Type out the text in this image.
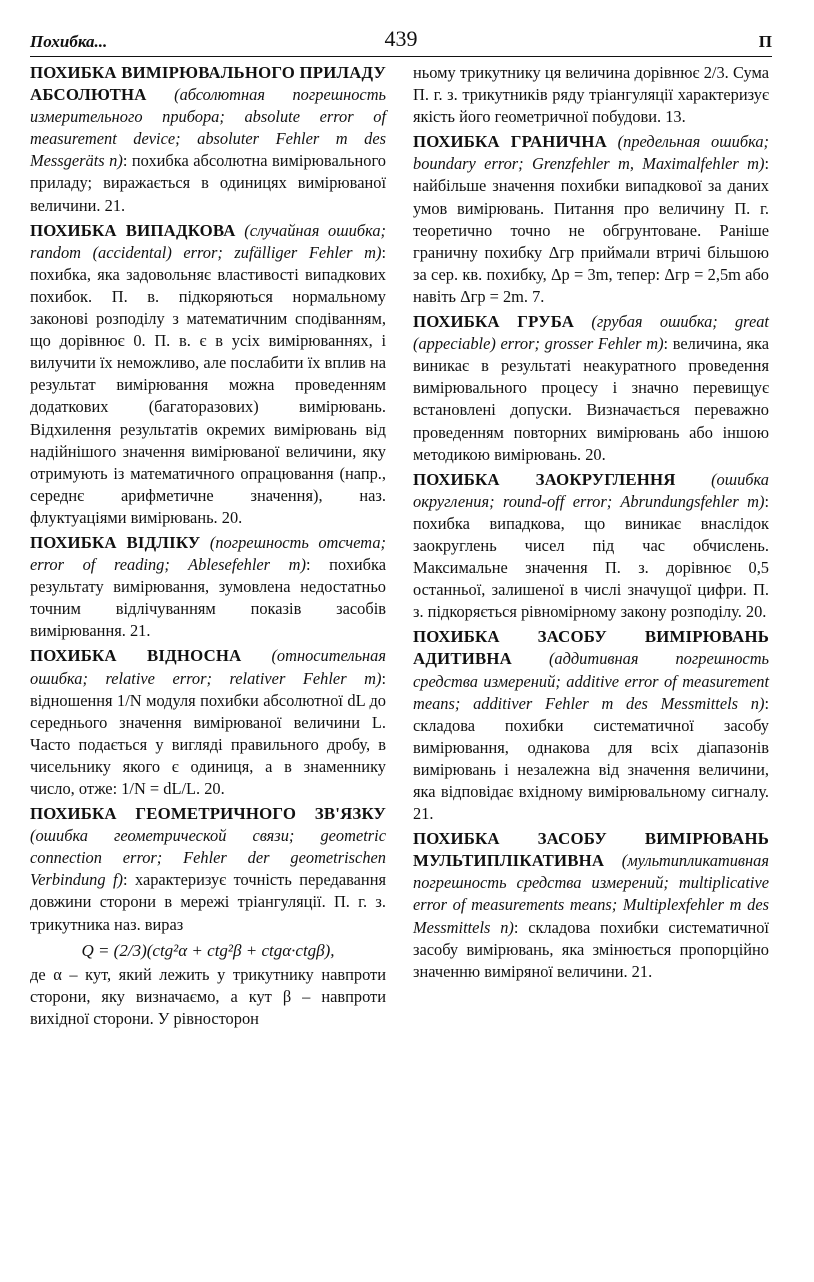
Похибка...	439	П

ПОХИБКА ВИМІРЮВАЛЬНОГО ПРИЛАДУ АБСОЛЮТНА (абсолютная погрешность измерительного прибора; absolute error of measurement device; absoluter Fehler m des Messgeräts n): похибка абсолютна вимірювального приладу; виражається в одиницях вимірюваної величини. 21.

ПОХИБКА ВИПАДКОВА (случайная ошибка; random (accidental) error; zufälliger Fehler m): похибка, яка задовольняє властивості випадкових похибок. П. в. підкоряються нормальному законові розподілу з математичним сподіванням, що дорівнює 0. П. в. є в усіх вимірюваннях, і вилучити їх неможливо, але послабити їх вплив на результат вимірювання можна проведенням додаткових (багаторазових) вимірювань. Відхилення результатів окремих вимірювань від надійнішого значення вимірюваної величини, яку отримують із математичного опрацювання (напр., середнє арифметичне значення), наз. флуктуаціями вимірювань. 20.

ПОХИБКА ВІДЛІКУ (погрешность отсчета; error of reading; Ablesefehler m): похибка результату вимірювання, зумовлена недостатньо точним відлічуванням показів засобів вимірювання. 21.

ПОХИБКА ВІДНОСНА (относительная ошибка; relative error; relativer Fehler m): відношення 1/N модуля похибки абсолютної dL до середнього значення вимірюваної величини L. Часто подається у вигляді правильного дробу, в чисельнику якого є одиниця, а в знаменнику число, отже: 1/N = dL/L. 20.

ПОХИБКА ГЕОМЕТРИЧНОГО ЗВ'ЯЗКУ (ошибка геометрической связи; geometric connection error; Fehler der geometrischen Verbindung f): характеризує точність передавання довжини сторони в мережі тріангуляції. П. г. з. трикутника наз. вираз

Q = (2/3)(ctg²α + ctg²β + ctgα·ctgβ),

де α – кут, який лежить у трикутнику навпроти сторони, яку визначаємо, а кут β – навпроти вихідної сторони. У рівносторон

ньому трикутнику ця величина дорівнює 2/3. Сума П. г. з. трикутників ряду тріангуляції характеризує якість його геометричної побудови. 13.

ПОХИБКА ГРАНИЧНА (предельная ошибка; boundary error; Grenzfehler m, Maximalfehler m): найбільше значення похибки випадкової за даних умов вимірювань. Питання про величину П. г. теоретично точно не обгрунтоване. Раніше граничну похибку Δгр приймали втричі більшою за сер. кв. похибку, Δр = 3m, тепер: Δгр = 2,5m або навіть Δгр = 2m. 7.

ПОХИБКА ГРУБА (грубая ошибка; great (appeciable) error; grosser Fehler m): величина, яка виникає в результаті неакуратного проведення вимірювального процесу і значно перевищує встановлені допуски. Визначається переважно проведенням повторних вимірювань або іншою методикою вимірювань. 20.

ПОХИБКА ЗАОКРУГЛЕННЯ (ошибка округления; round-off error; Abrundungsfehler m): похибка випадкова, що виникає внаслідок заокруглень чисел під час обчислень. Максимальне значення П. з. дорівнює 0,5 останньої, залишеної в числі значущої цифри. П. з. підкоряється рівномірному закону розподілу. 20.

ПОХИБКА ЗАСОБУ ВИМІРЮВАНЬ АДИТИВНА (аддитивная погрешность средства измерений; additive error of measurement means; additiver Fehler m des Messmittels n): складова похибки систематичної засобу вимірювання, однакова для всіх діапазонів вимірювань і незалежна від значення величини, яка відповідає вхідному вимірювальному сигналу. 21.

ПОХИБКА ЗАСОБУ ВИМІРЮВАНЬ МУЛЬТИПЛІКАТИВНА (мультипликативная погрешность средства измерений; multiplicative error of measurements means; Multiplexfehler m des Messmittels n): складова похибки систематичної засобу вимірювань, яка змінюється пропорційно значенню виміряної величини. 21.
